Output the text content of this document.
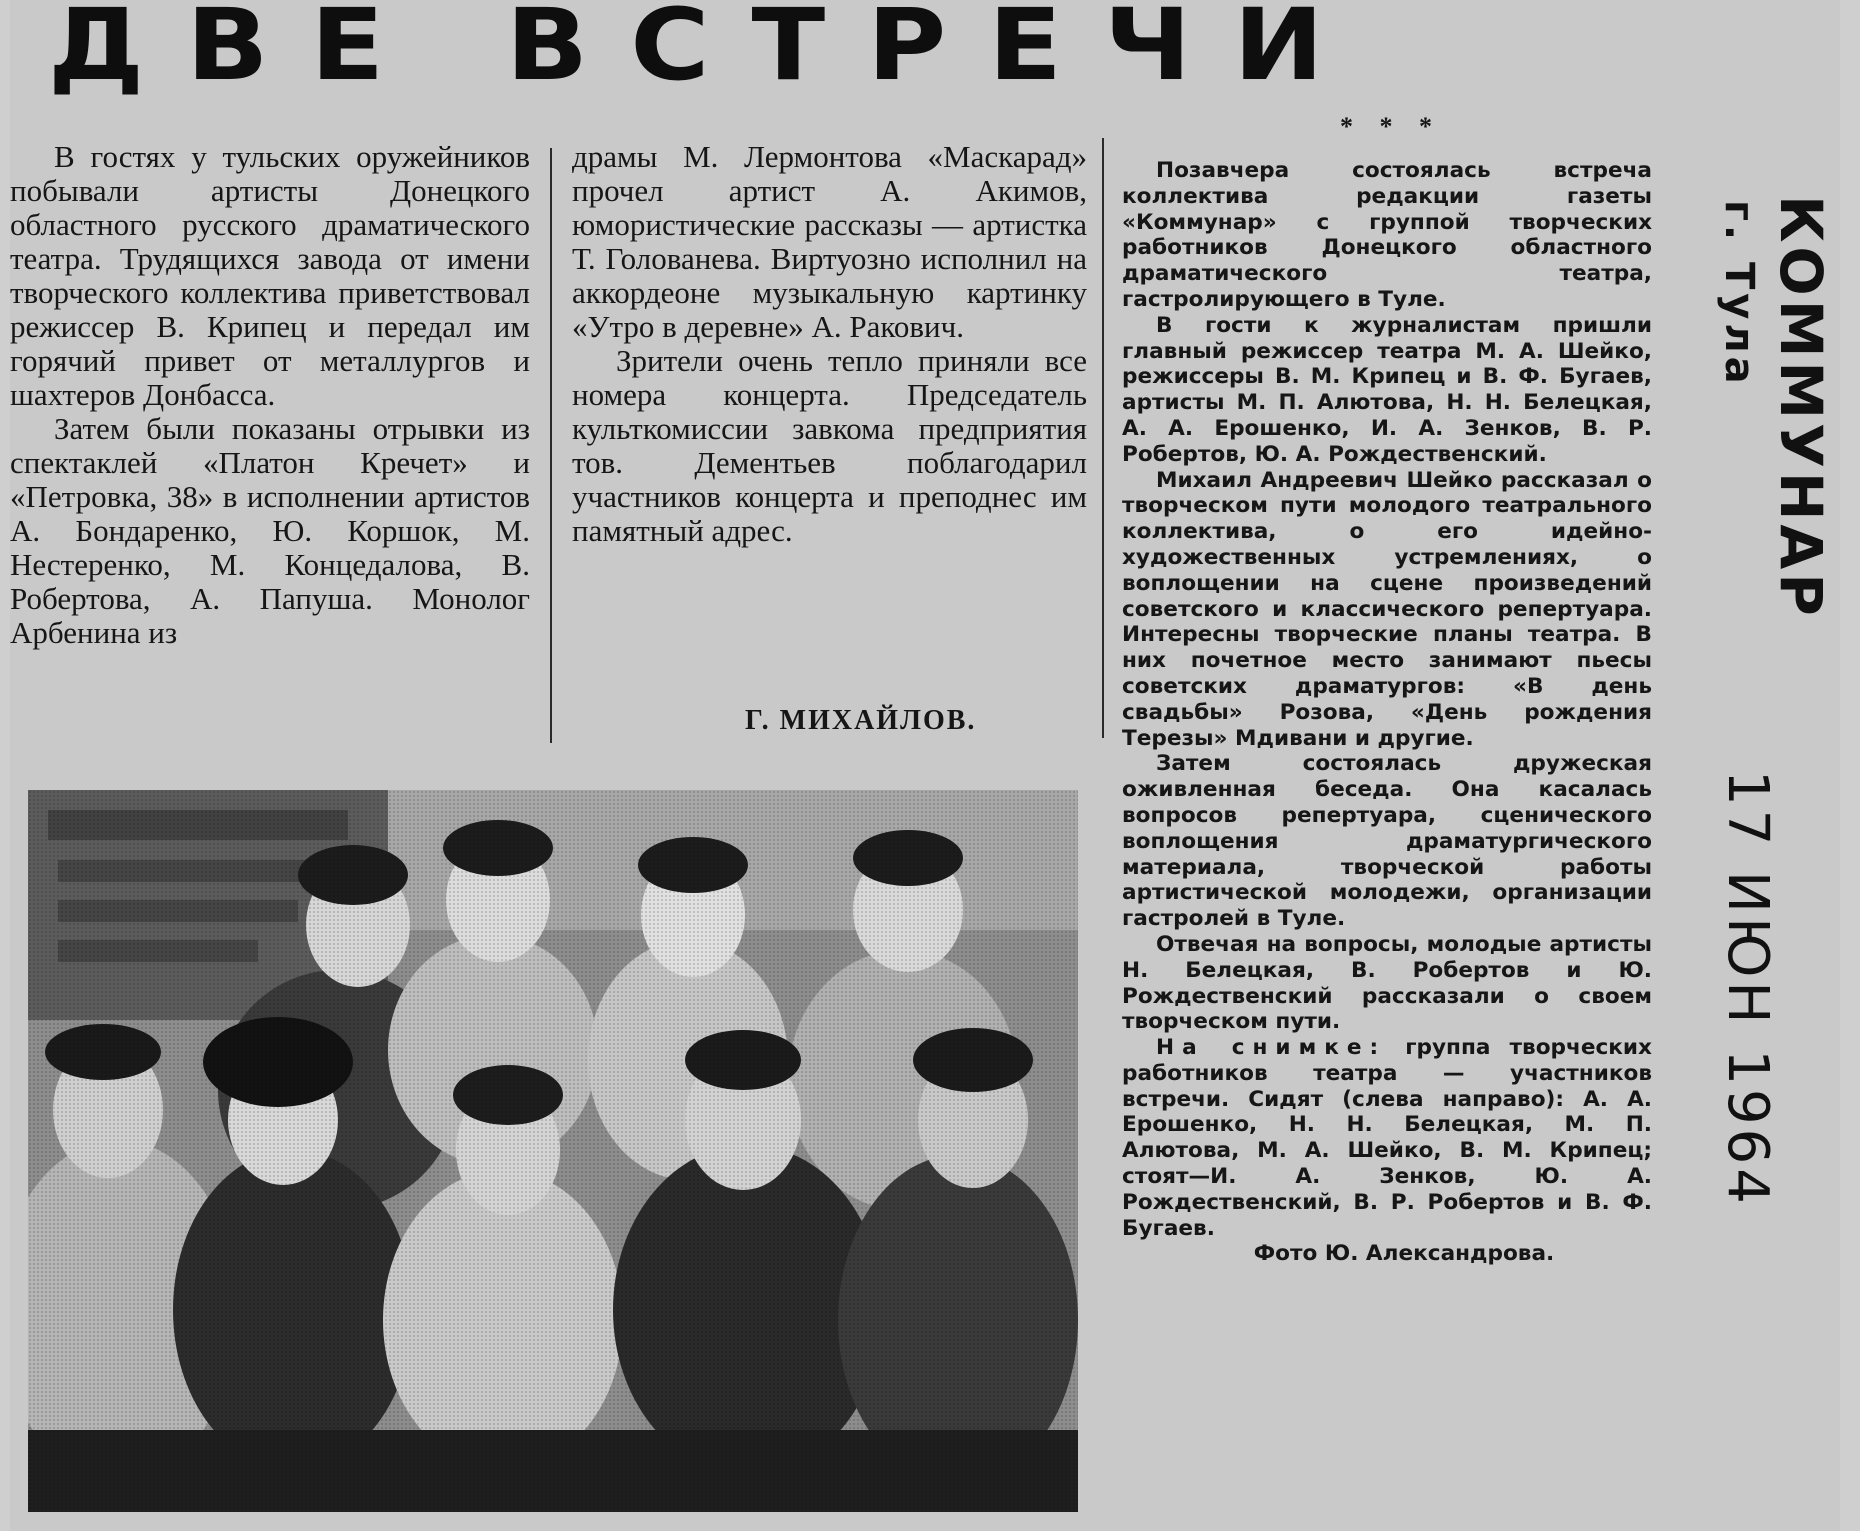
ДВЕ ВСТРЕЧИ

В гостях у тульских оружейников побывали артисты Донецкого областного русского драматического театра. Трудящихся завода от имени творческого коллектива приветствовал режиссер В. Крипец и передал им горячий привет от металлургов и шахтеров Донбасса.

Затем были показаны отрывки из спектаклей «Платон Кречет» и «Петровка, 38» в исполнении артистов А. Бондаренко, Ю. Коршок, М. Нестеренко, М. Концедалова, В. Робертова, А. Папуша. Монолог Арбенина из

драмы М. Лермонтова «Маскарад» прочел артист А. Акимов, юмористические рассказы — артистка Т. Голованева. Виртуозно исполнил на аккордеоне музыкальную картинку «Утро в деревне» А. Ракович.

Зрители очень тепло приняли все номера концерта. Председатель культкомиссии завкома предприятия тов. Дементьев поблагодарил участников концерта и преподнес им памятный адрес.

Г. МИХАЙЛОВ.
* * *

Позавчера состоялась встреча коллектива редакции газеты «Коммунар» с группой творческих работников Донецкого областного драматического театра, гастролирующего в Туле.

В гости к журналистам пришли главный режиссер театра М. А. Шейко, режиссеры В. М. Крипец и В. Ф. Бугаев, артисты М. П. Алютова, Н. Н. Белецкая, А. А. Ерошенко, И. А. Зенков, В. Р. Робертов, Ю. А. Рождественский.

Михаил Андреевич Шейко рассказал о творческом пути молодого театрального коллектива, о его идейно-художественных устремлениях, о воплощении на сцене произведений советского и классического репертуара. Интересны творческие планы театра. В них почетное место занимают пьесы советских драматургов: «В день свадьбы» Розова, «День рождения Терезы» Мдивани и другие.

Затем состоялась дружеская оживленная беседа. Она касалась вопросов репертуара, сценического воплощения драматургического материала, творческой работы артистической молодежи, организации гастролей в Туле.

Отвечая на вопросы, молодые артисты Н. Белецкая, В. Робертов и Ю. Рождественский рассказали о своем творческом пути.

На снимке: группа творческих работников театра — участников встречи. Сидят (слева направо): А. А. Ерошенко, Н. Н. Белецкая, М. П. Алютова, М. А. Шейко, В. М. Крипец; стоят—И. А. Зенков, Ю. А. Рождественский, В. Р. Робертов и В. Ф. Бугаев.

Фото Ю. Александрова.

КОММУНАР
г. Тула
17 ИЮН 1964
